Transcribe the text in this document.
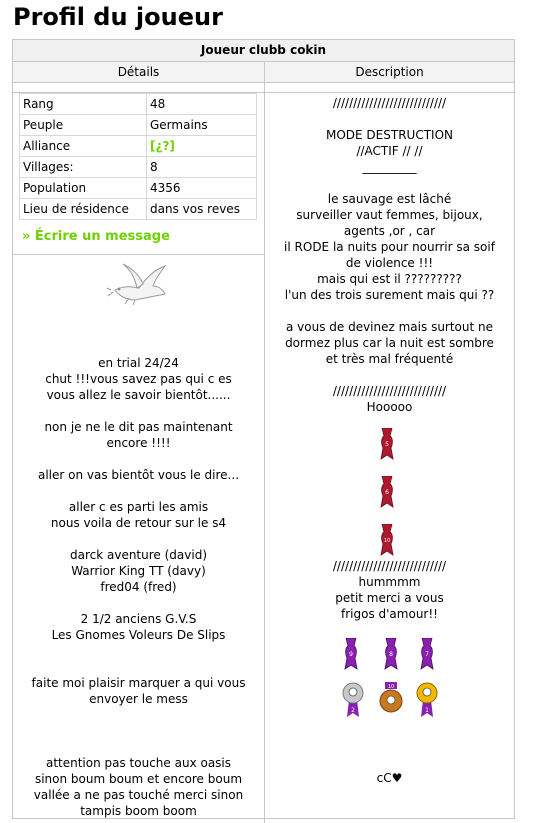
Profil du joueur
Joueur clubb cokin
Détails	Description
Rang	48
Peuple	Germains
Alliance	[¿?]
Villages:	8
Population	4356
Lieu de résidence	dans vos reves
» Écrire un message
en trial 24/24
chut !!!vous savez pas qui c es
vous allez le savoir bientôt......

non je ne le dit pas maintenant
encore !!!!

aller on vas bientôt vous le dire...

aller c es parti les amis
nous voila de retour sur le s4

darck aventure (david)
Warrior King TT (davy)
fred04 (fred)

2 1/2 anciens G.V.S
Les Gnomes Voleurs De Slips

faite moi plaisir marquer a qui vous
envoyer le mess

attention pas touche aux oasis
sinon boum boum et encore boum
vallée a ne pas touché merci sinon
tampis boom boom
////////////////////////////

MODE DESTRUCTION
//ACTIF // //
_________

le sauvage est lâché
surveiller vaut femmes, bijoux,
agents ,or , car
il RODE la nuits pour nourrir sa soif
de violence !!!
mais qui est il ?????????
l'un des trois surement mais qui ??

a vous de devinez mais surtout ne
dormez plus car la nuit est sombre
et très mal fréquenté

////////////////////////////
Hooooo
////////////////////////////
hummmm
petit merci a vous
frigos d'amour!!
cC♥
5
6
10
9	8	7
2
10
1
